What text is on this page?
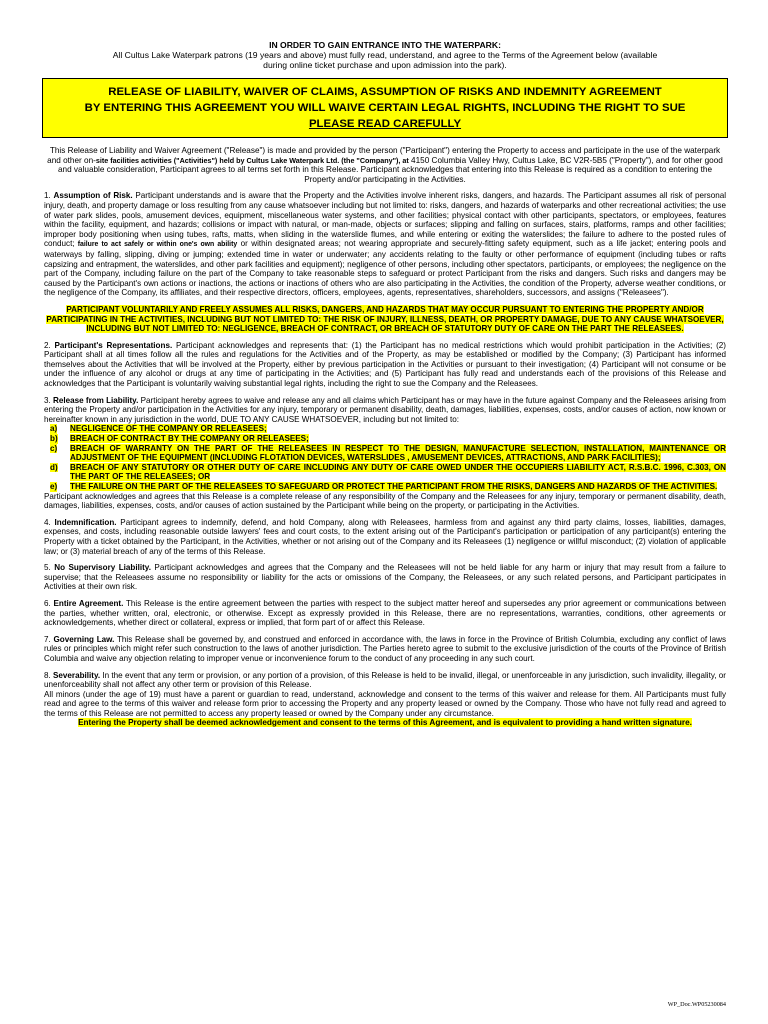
IN ORDER TO GAIN ENTRANCE INTO THE WATERPARK:
All Cultus Lake Waterpark patrons (19 years and above) must fully read, understand, and agree to the Terms of the Agreement below (available
during online ticket purchase and upon admission into the park).
RELEASE OF LIABILITY, WAIVER OF CLAIMS, ASSUMPTION OF RISKS AND INDEMNITY AGREEMENT
BY ENTERING THIS AGREEMENT YOU WILL WAIVE CERTAIN LEGAL RIGHTS, INCLUDING THE RIGHT TO SUE
PLEASE READ CAREFULLY
This Release of Liability and Waiver Agreement ("Release") is made and provided by the person ("Participant") entering the Property to access and participate in the use of the waterpark and other on-site facilities activities ("Activities") held by Cultus Lake Waterpark Ltd. (the "Company"), at 4150 Columbia Valley Hwy, Cultus Lake, BC V2R-5B5 ("Property"), and for other good and valuable consideration, Participant agrees to all terms set forth in this Release. Participant acknowledges that entering into this Release is required as a condition to entering the Property and/or participating in the Activities.

1. Assumption of Risk. Participant understands and is aware that the Property and the Activities involve inherent risks, dangers, and hazards. The Participant assumes all risk of personal injury, death, and property damage or loss resulting from any cause whatsoever including but not limited to: risks, dangers, and hazards of waterparks and other recreational activities; the use of water park slides, pools, amusement devices, equipment, miscellaneous water systems, and other facilities; physical contact with other participants, spectators, or employees, features within the facility, equipment, and hazards; collisions or impact with natural, or man-made, objects or surfaces; slipping and falling on surfaces, stairs, platforms, ramps and other facilities; improper body positioning when using tubes, rafts, matts, when sliding in the waterslide flumes, and while entering or exiting the waterslides; the failure to adhere to the posted rules of conduct; failure to act safely or within one's own ability or within designated areas; not wearing appropriate and securely-fitting safety equipment, such as a life jacket; entering pools and waterways by falling, slipping, diving or jumping; extended time in water or underwater; any accidents relating to the faulty or other performance of equipment (including tubes or rafts capsizing and entrapment, the waterslides, and other park facilities and equipment); negligence of other persons, including other spectators, participants, or employees; the negligence on the part of the Company, including failure on the part of the Company to take reasonable steps to safeguard or protect Participant from the risks and dangers. Such risks and dangers may be caused by the Participant's own actions or inactions, the actions or inactions of others who are also participating in the Activities, the condition of the Property, adverse weather conditions, or the negligence of the Company, its affiliates, and their respective directors, officers, employees, agents, representatives, shareholders, successors, and assigns ("Releasees").

PARTICIPANT VOLUNTARILY AND FREELY ASSUMES ALL RISKS, DANGERS, AND HAZARDS THAT MAY OCCUR PURSUANT TO ENTERING THE PROPERTY AND/OR PARTICIPATING IN THE ACTIVITIES, INCLUDING BUT NOT LIMITED TO: THE RISK OF INJURY, ILLNESS, DEATH, OR PROPERTY DAMAGE, DUE TO ANY CAUSE WHATSOEVER, INCLUDING BUT NOT LIMITED TO: NEGLIGENCE, BREACH OF CONTRACT, OR BREACH OF STATUTORY DUTY OF CARE ON THE PART THE RELEASEES.

2. Participant's Representations. Participant acknowledges and represents that: (1) the Participant has no medical restrictions which would prohibit participation in the Activities; (2) Participant shall at all times follow all the rules and regulations for the Activities and of the Property, as may be established or modified by the Company; (3) Participant has informed themselves about the Activities that will be involved at the Property, either by previous participation in the Activities or pursuant to their investigation; (4) Participant will not consume or be under the influence of any alcohol or drugs at any time of participating in the Activities; and (5) Participant has fully read and understands each of the provisions of this Release and acknowledges that the Participant is voluntarily waiving substantial legal rights, including the right to sue the Company and the Releasees.

3. Release from Liability. Participant hereby agrees to waive and release any and all claims which Participant has or may have in the future against Company and the Releasees arising from entering the Property and/or participation in the Activities for any injury, temporary or permanent disability, death, damages, liabilities, expenses, costs, and/or causes of action, now known or hereinafter known in any jurisdiction in the world, DUE TO ANY CAUSE WHATSOEVER, including but not limited to:

a) NEGLIGENCE OF THE COMPANY OR RELEASEES;
b) BREACH OF CONTRACT BY THE COMPANY OR RELEASEES;
c) BREACH OF WARRANTY ON THE PART OF THE RELEASEES IN RESPECT TO THE DESIGN, MANUFACTURE SELECTION, INSTALLATION, MAINTENANCE OR ADJUSTMENT OF THE EQUIPMENT (INCLUDING FLOTATION DEVICES, WATERSLIDES , AMUSEMENT DEVICES, ATTRACTIONS, AND PARK FACILITIES);
d) BREACH OF ANY STATUTORY OR OTHER DUTY OF CARE INCLUDING ANY DUTY OF CARE OWED UNDER THE OCCUPIERS LIABILITY ACT, R.S.B.C. 1996, C.303, ON THE PART OF THE RELEASEES; OR
e) THE FAILURE ON THE PART OF THE RELEASEES TO SAFEGUARD OR PROTECT THE PARTICIPANT FROM THE RISKS, DANGERS AND HAZARDS OF THE ACTIVITIES.

Participant acknowledges and agrees that this Release is a complete release of any responsibility of the Company and the Releasees for any injury, temporary or permanent disability, death, damages, liabilities, expenses, costs, and/or causes of action sustained by the Participant while being on the property, or participating in the Activities.

4. Indemnification. Participant agrees to indemnify, defend, and hold Company, along with Releasees, harmless from and against any third party claims, losses, liabilities, damages, expenses, and costs, including reasonable outside lawyers' fees and court costs, to the extent arising out of the Participant's participation or participation of any participant(s) entering the Property with a ticket obtained by the Participant, in the Activities, whether or not arising out of the Company and its Releasees (1) negligence or willful misconduct; (2) violation of applicable law; or (3) material breach of any of the terms of this Release.

5. No Supervisory Liability. Participant acknowledges and agrees that the Company and the Releasees will not be held liable for any harm or injury that may result from a failure to supervise; that the Releasees assume no responsibility or liability for the acts or omissions of the Company, the Releasees, or any such related persons, and Participant participates in Activities at their own risk.

6. Entire Agreement. This Release is the entire agreement between the parties with respect to the subject matter hereof and supersedes any prior agreement or communications between the parties, whether written, oral, electronic, or otherwise. Except as expressly provided in this Release, there are no representations, warranties, conditions, other agreements or acknowledgements, whether direct or collateral, express or implied, that form part of or affect this Release.

7. Governing Law. This Release shall be governed by, and construed and enforced in accordance with, the laws in force in the Province of British Columbia, excluding any conflict of laws rules or principles which might refer such construction to the laws of another jurisdiction. The Parties hereto agree to submit to the exclusive jurisdiction of the courts of the Province of British Columbia and waive any objection relating to improper venue or inconvenience forum to the conduct of any proceeding in any such court.

8. Severability. In the event that any term or provision, or any portion of a provision, of this Release is held to be invalid, illegal, or unenforceable in any jurisdiction, such invalidity, illegality, or unenforceability shall not affect any other term or provision of this Release.

All minors (under the age of 19) must have a parent or guardian to read, understand, acknowledge and consent to the terms of this waiver and release for them. All Participants must fully read and agree to the terms of this waiver and release form prior to accessing the Property and any property leased or owned by the Company. Those who have not fully read and agreed to the terms of this Release are not permitted to access any property leased or owned by the Company under any circumstance.

Entering the Property shall be deemed acknowledgement and consent to the terms of this Agreement, and is equivalent to providing a hand written signature.
WP_Doc.WP05230084
